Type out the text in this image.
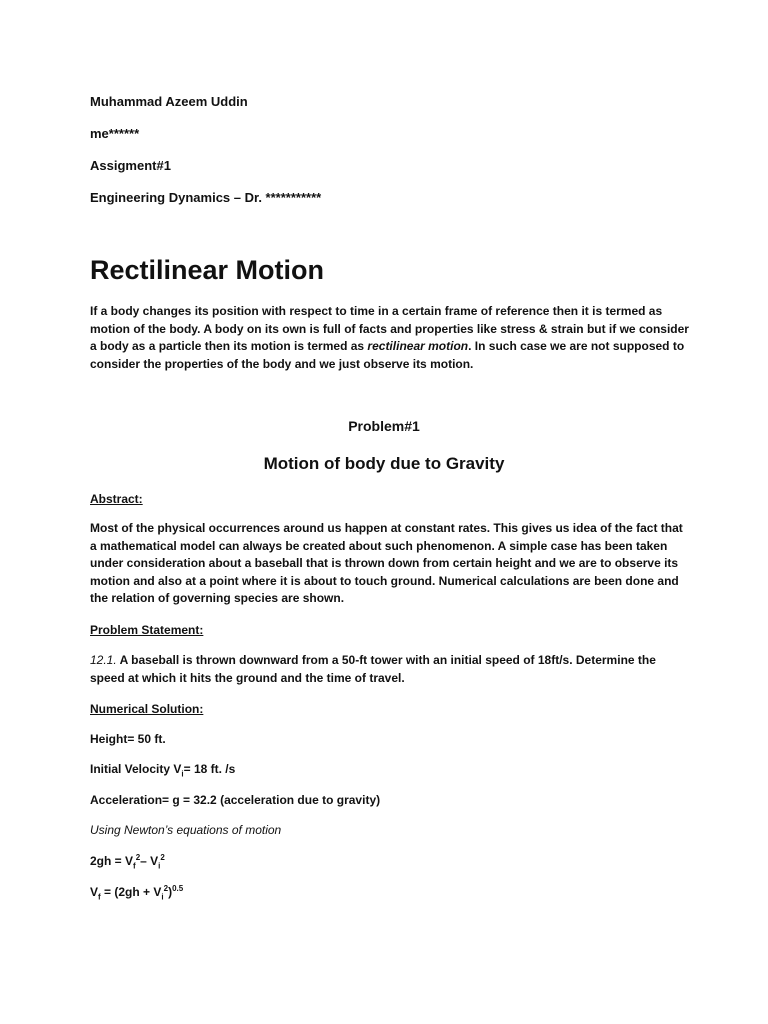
Muhammad Azeem Uddin
me******
Assigment#1
Engineering Dynamics – Dr. ***********
Rectilinear Motion
If a body changes its position with respect to time in a certain frame of reference then it is termed as motion of the body. A body on its own is full of facts and properties like stress & strain but if we consider a body as a particle then its motion is termed as rectilinear motion. In such case we are not supposed to consider the properties of the body and we just observe its motion.
Problem#1
Motion of body due to Gravity
Abstract:
Most of the physical occurrences around us happen at constant rates. This gives us idea of the fact that a mathematical model can always be created about such phenomenon. A simple case has been taken under consideration about a baseball that is thrown down from certain height and we are to observe its motion and also at a point where it is about to touch ground. Numerical calculations are been done and the relation of governing species are shown.
Problem Statement:
12.1. A baseball is thrown downward from a 50-ft tower with an initial speed of 18ft/s. Determine the speed at which it hits the ground and the time of travel.
Numerical Solution:
Height= 50 ft.
Initial Velocity $V_i= 18$ ft. /s
Acceleration= g = 32.2 (acceleration due to gravity)
Using Newton’s equations of motion
$2gh = V_f^2-$ $V_i^2$
$V_f = (2gh + V_i^2)^{0.5}$
